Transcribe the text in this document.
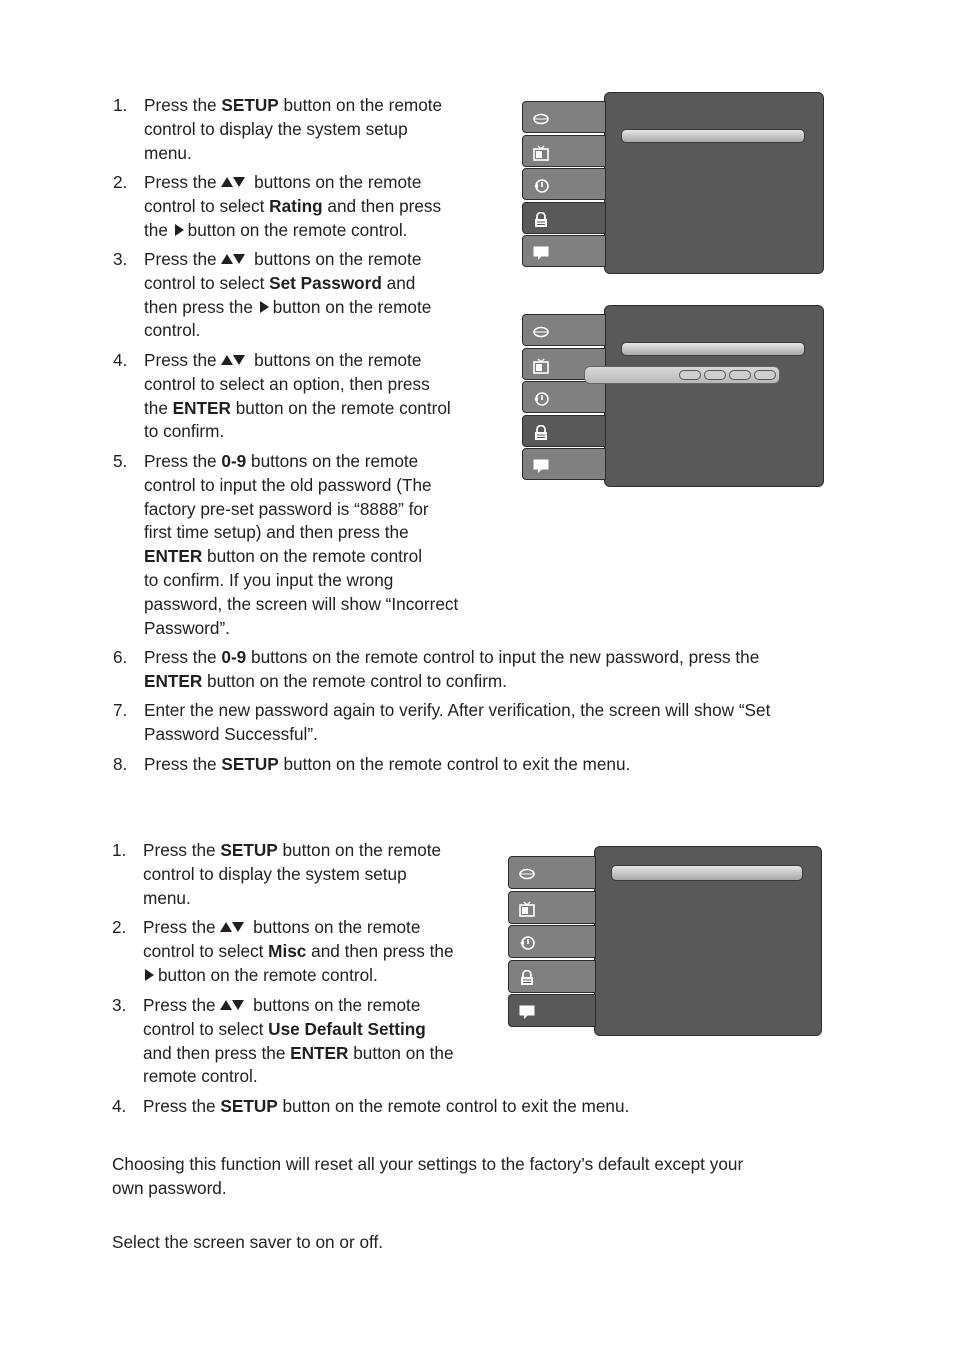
1. Press the SETUP button on the remote
control to display the system setup
menu.
2. Press the  buttons on the remote
control to select Rating and then press
the button on the remote control.
3. Press the  buttons on the remote
control to select Set Password and
then press the button on the remote
control.
4. Press the  buttons on the remote
control to select an option, then press
the ENTER button on the remote control
to confirm.
5. Press the 0-9 buttons on the remote
control to input the old password (The
factory pre-set password is “8888” for
first time setup) and then press the
ENTER button on the remote control
to confirm. If you input the wrong
password, the screen will show “Incorrect
Password”.
6. Press the 0-9 buttons on the remote control to input the new password, press the
ENTER button on the remote control to confirm.
7. Enter the new password again to verify. After verification, the screen will show “Set
Password Successful”.
8. Press the SETUP button on the remote control to exit the menu.
1. Press the SETUP button on the remote
control to display the system setup
menu.
2. Press the  buttons on the remote
control to select Misc and then press the
button on the remote control.
3. Press the  buttons on the remote
control to select Use Default Setting
and then press the ENTER button on the
remote control.
4. Press the SETUP button on the remote control to exit the menu.

Choosing this function will reset all your settings to the factory’s default except your
own password.

Select the screen saver to on or off.
